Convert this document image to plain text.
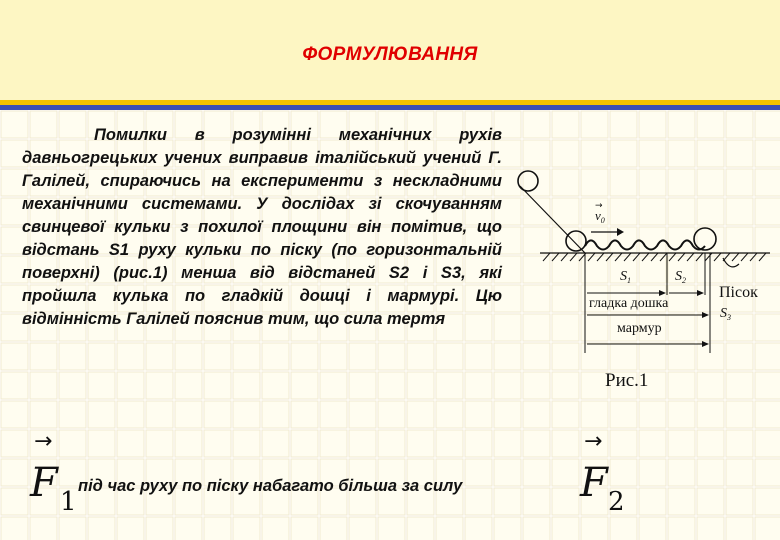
ФОРМУЛЮВАННЯ
Помилки в розумінні механічних рухів давньогрецьких учених виправив італійський учений Г. Галілей, спираючись на експерименти з нескладними механічними системами. У дослідах зі скочуванням свинцевої кульки з похилої площини він помітив, що відстань S1 руху кульки по піску (по горизонтальній поверхні) (рис.1) менша від відстаней S2 і S3, які пройшла кулька по гладкій дошці і мармурі. Цю відмінність Галілей пояснив тим, що сила тертя
$v_0$
→
$S_1$	$S_2$
гладка дошка
мармур
Пісок
$S_3$
Рис.1
→
F 1
під час руху по піску набагато більша за силу
→
F 2
